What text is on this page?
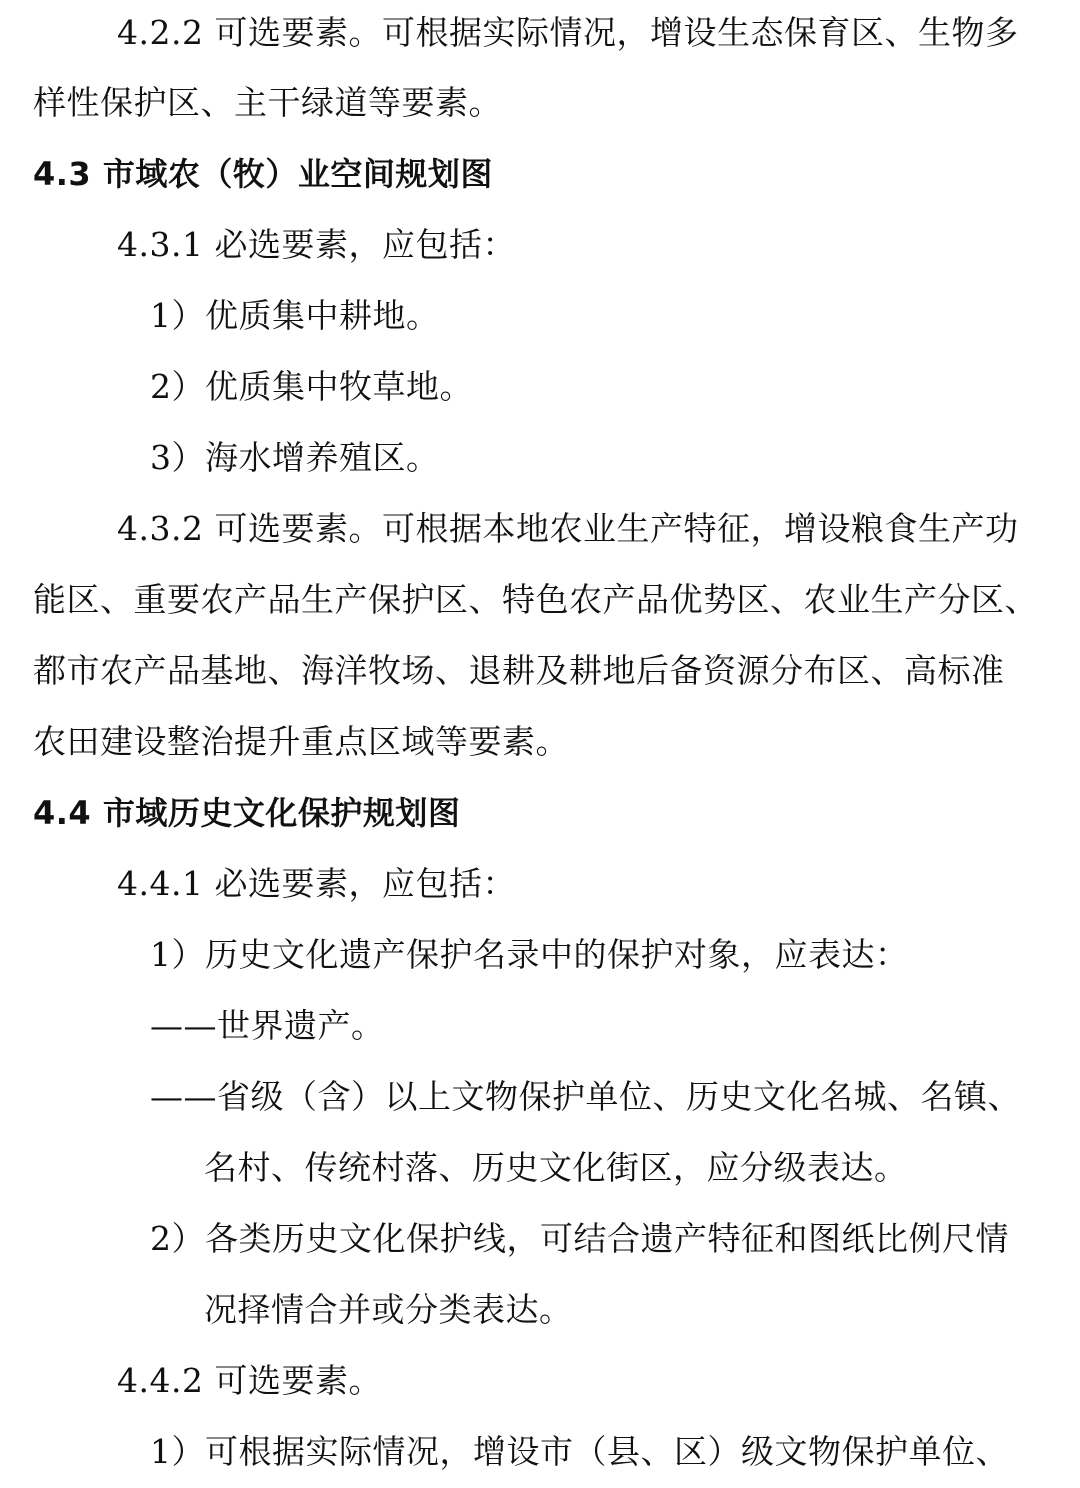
4.2.2 可选要素。可根据实际情况，增设生态保育区、生物多
样性保护区、主干绿道等要素。
4.3 市域农（牧）业空间规划图
4.3.1 必选要素，应包括：
1）优质集中耕地。
2）优质集中牧草地。
3）海水增养殖区。
4.3.2 可选要素。可根据本地农业生产特征，增设粮食生产功
能区、重要农产品生产保护区、特色农产品优势区、农业生产分区、
都市农产品基地、海洋牧场、退耕及耕地后备资源分布区、高标准
农田建设整治提升重点区域等要素。
4.4 市域历史文化保护规划图
4.4.1 必选要素，应包括：
1）历史文化遗产保护名录中的保护对象，应表达：
——世界遗产。
——省级（含）以上文物保护单位、历史文化名城、名镇、
名村、传统村落、历史文化街区，应分级表达。
2）各类历史文化保护线，可结合遗产特征和图纸比例尺情
况择情合并或分类表达。
4.4.2 可选要素。
1）可根据实际情况，增设市（县、区）级文物保护单位、
